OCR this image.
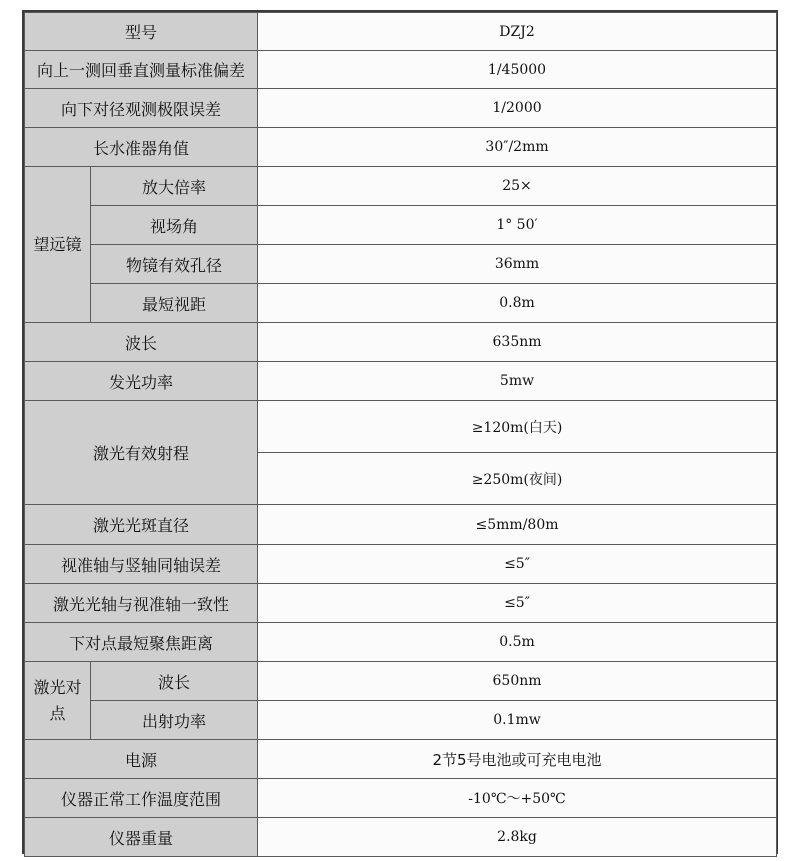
型号		DZJ2
向上一测回垂直测量标准偏差		1/45000
向下对径观测极限误差		1/2000
长水准器角值		30″/2mm
望远镜	放大倍率	25×
	视场角	1° 50′
	物镜有效孔径	36mm
	最短视距	0.8m
波长		635nm
发光功率		5mw
激光有效射程		≥120m(白天)
		≥250m(夜间)
激光光斑直径		≤5mm/80m
视准轴与竖轴同轴误差		≤5″
激光光轴与视准轴一致性		≤5″
下对点最短聚焦距离		0.5m
激光对点	波长	650nm
	出射功率	0.1mw
电源		2节5号电池或可充电电池
仪器正常工作温度范围		-10℃～+50℃
仪器重量		2.8kg
